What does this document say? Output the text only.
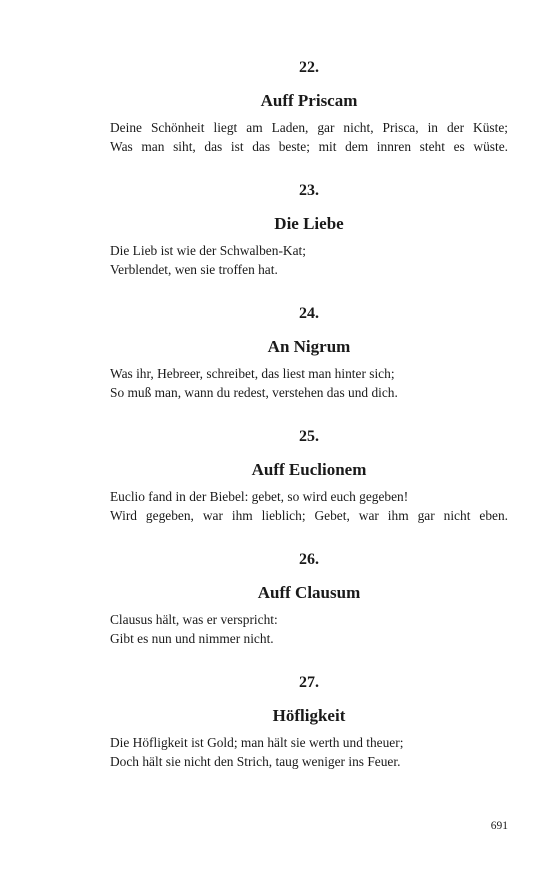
22.
Auff Priscam
Deine Schönheit liegt am Laden, gar nicht, Prisca, in der Küste;
Was man siht, das ist das beste; mit dem innren steht es wüste.
23.
Die Liebe
Die Lieb ist wie der Schwalben-Kat;
Verblendet, wen sie troffen hat.
24.
An Nigrum
Was ihr, Hebreer, schreibet, das liest man hinter sich;
So muß man, wann du redest, verstehen das und dich.
25.
Auff Euclionem
Euclio fand in der Biebel: gebet, so wird euch gegeben!
Wird gegeben, war ihm lieblich; Gebet, war ihm gar nicht eben.
26.
Auff Clausum
Clausus hält, was er verspricht:
Gibt es nun und nimmer nicht.
27.
Höfligkeit
Die Höfligkeit ist Gold; man hält sie werth und theuer;
Doch hält sie nicht den Strich, taug weniger ins Feuer.
691
